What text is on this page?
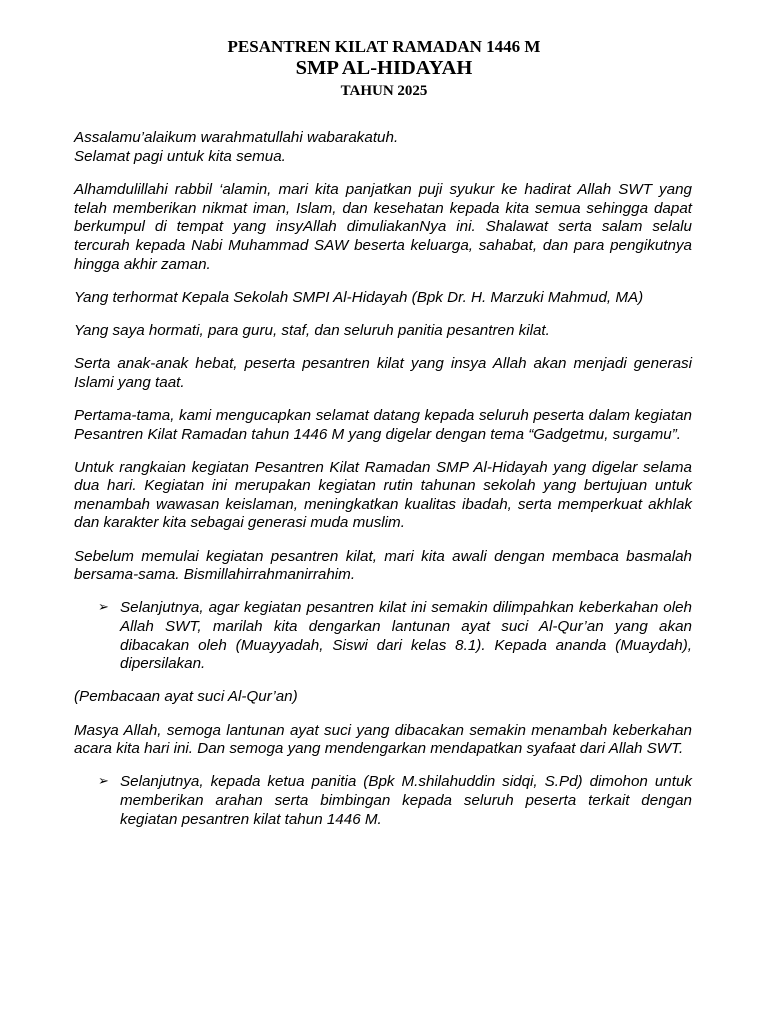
PESANTREN KILAT RAMADAN 1446 M
SMP AL-HIDAYAH
TAHUN 2025
Assalamu’alaikum warahmatullahi wabarakatuh.
Selamat pagi untuk kita semua.

Alhamdulillahi rabbil ‘alamin, mari kita panjatkan puji syukur ke hadirat Allah SWT yang telah memberikan nikmat iman, Islam, dan kesehatan kepada kita semua sehingga dapat berkumpul di tempat yang insyAllah dimuliakanNya ini. Shalawat serta salam selalu tercurah kepada Nabi Muhammad SAW beserta keluarga, sahabat, dan para pengikutnya hingga akhir zaman.

Yang terhormat Kepala Sekolah SMPI Al-Hidayah (Bpk Dr. H. Marzuki Mahmud, MA)

Yang saya hormati, para guru, staf, dan seluruh panitia pesantren kilat.

Serta anak-anak hebat, peserta pesantren kilat yang insya Allah akan menjadi generasi Islami yang taat.

Pertama-tama, kami mengucapkan selamat datang kepada seluruh peserta dalam kegiatan Pesantren Kilat Ramadan tahun 1446 M yang digelar dengan tema “Gadgetmu, surgamu”.

Untuk rangkaian kegiatan Pesantren Kilat Ramadan SMP Al-Hidayah yang digelar selama dua hari. Kegiatan ini merupakan kegiatan rutin tahunan sekolah yang bertujuan untuk menambah wawasan keislaman, meningkatkan kualitas ibadah, serta memperkuat akhlak dan karakter kita sebagai generasi muda muslim.

Sebelum memulai kegiatan pesantren kilat, mari kita awali dengan membaca basmalah bersama-sama. Bismillahirrahmanirrahim.

➢ Selanjutnya, agar kegiatan pesantren kilat ini semakin dilimpahkan keberkahan oleh Allah SWT, marilah kita dengarkan lantunan ayat suci Al-Qur’an yang akan dibacakan oleh (Muayyadah, Siswi dari kelas 8.1). Kepada ananda (Muaydah), dipersilakan.

(Pembacaan ayat suci Al-Qur’an)

Masya Allah, semoga lantunan ayat suci yang dibacakan semakin menambah keberkahan acara kita hari ini. Dan semoga yang mendengarkan mendapatkan syafaat dari Allah SWT.

➢ Selanjutnya, kepada ketua panitia (Bpk M.shilahuddin sidqi, S.Pd) dimohon untuk memberikan arahan serta bimbingan kepada seluruh peserta terkait dengan kegiatan pesantren kilat tahun 1446 M.
